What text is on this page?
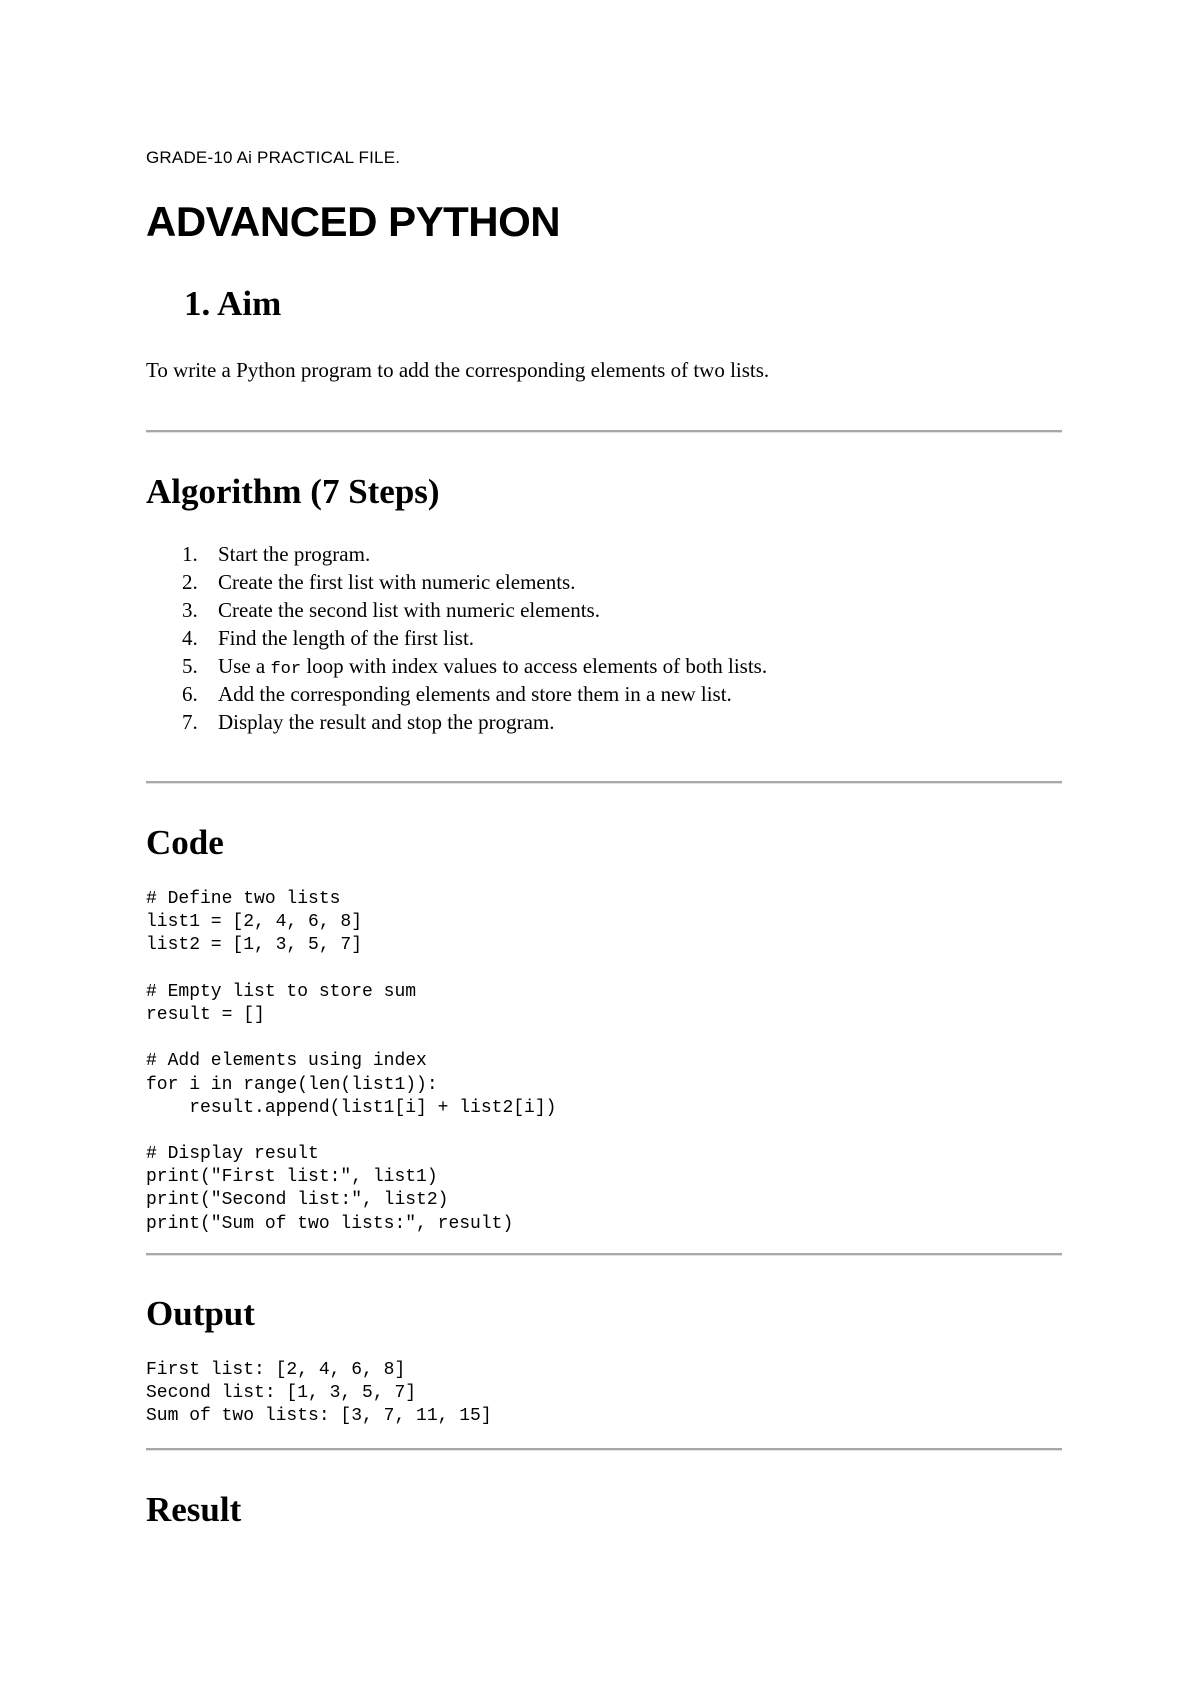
GRADE-10 Ai PRACTICAL FILE.
ADVANCED PYTHON
1. Aim

To write a Python program to add the corresponding elements of two lists.

Algorithm (7 Steps)
1. Start the program.
2. Create the first list with numeric elements.
3. Create the second list with numeric elements.
4. Find the length of the first list.
5. Use a for loop with index values to access elements of both lists.
6. Add the corresponding elements and store them in a new list.
7. Display the result and stop the program.
Code
# Define two lists
list1 = [2, 4, 6, 8]
list2 = [1, 3, 5, 7]
# Empty list to store sum
result = []
# Add elements using index
for i in range(len(list1)):
result.append(list1[i] + list2[i])
# Display result
print("First list:", list1)
print("Second list:", list2)
print("Sum of two lists:", result)
Output
First list: [2, 4, 6, 8]
Second list: [1, 3, 5, 7]
Sum of two lists: [3, 7, 11, 15]
Result
